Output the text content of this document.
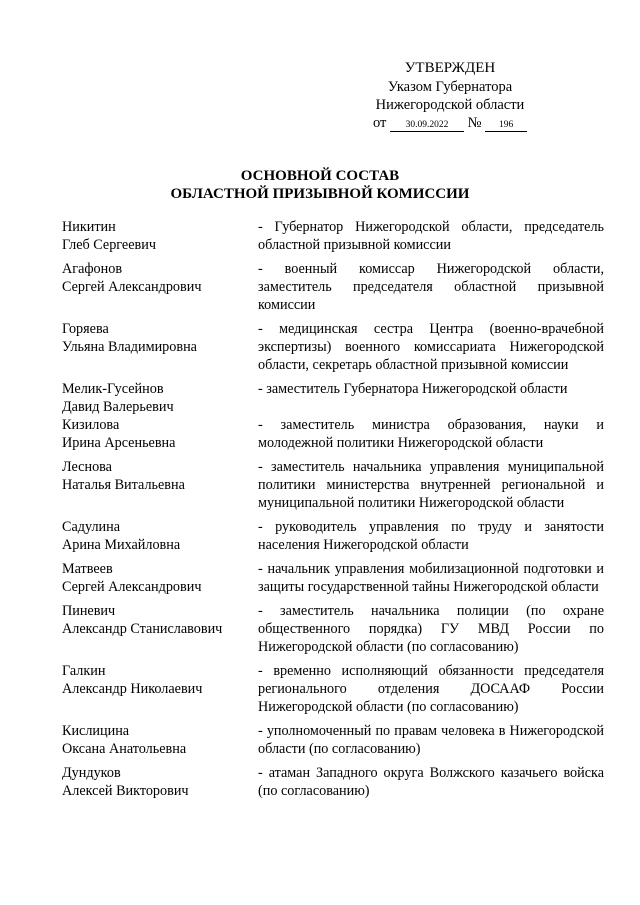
УТВЕРЖДЕН
Указом Губернатора
Нижегородской области
от 30.09.2022 № 196
ОСНОВНОЙ СОСТАВ
ОБЛАСТНОЙ ПРИЗЫВНОЙ КОМИССИИ
Никитин
Глеб Сергеевич
- Губернатор Нижегородской области, председатель областной призывной комиссии
Агафонов
Сергей Александрович
- военный комиссар Нижегородской области, заместитель председателя областной призывной комиссии
Горяева
Ульяна Владимировна
- медицинская сестра Центра (военно-врачебной экспертизы) военного комиссариата Нижегородской области, секретарь областной призывной комиссии
Мелик-Гусейнов
Давид Валерьевич
- заместитель Губернатора Нижегородской области
Кизилова
Ирина Арсеньевна
- заместитель министра образования, науки и молодежной политики Нижегородской области
Леснова
Наталья Витальевна
- заместитель начальника управления муниципальной политики министерства внутренней региональной и муниципальной политики Нижегородской области
Садулина
Арина Михайловна
- руководитель управления по труду и занятости населения Нижегородской области
Матвеев
Сергей Александрович
- начальник управления мобилизационной подготовки и защиты государственной тайны Нижегородской области
Пиневич
Александр Станиславович
- заместитель начальника полиции (по охране общественного порядка) ГУ МВД России по Нижегородской области (по согласованию)
Галкин
Александр Николаевич
- временно исполняющий обязанности председателя регионального отделения ДОСААФ России Нижегородской области (по согласованию)
Кислицина
Оксана Анатольевна
- уполномоченный по правам человека в Нижегородской области (по согласованию)
Дундуков
Алексей Викторович
- атаман Западного округа Волжского казачьего войска (по согласованию)
